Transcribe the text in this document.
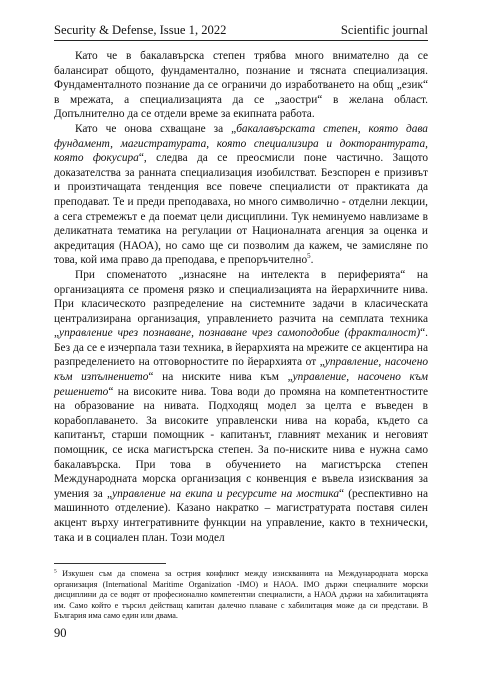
Security & Defense, Issue 1, 2022	Scientific journal

Като че в бакалавърска степен трябва много внимателно да се балансират общото, фундаментално, познание и тясната специализация. Фундаменталното познание да се ограничи до изработването на общ „език“ в мрежата, а специализацията да се „заостри“ в желана област. Допълнително да се отдели време за екипната работа.

Като че онова схващане за „бакалавърската степен, която дава фундамент, магистратурата, която специализира и докторантурата, която фокусира“, следва да се преосмисли поне частично. Защото доказателства за ранната специализация изобилстват. Безспорен е призивът и произтичащата тенденция все повече специалисти от практиката да преподават. Те и преди преподаваха, но много символично - отделни лекции, а сега стремежът е да поемат цели дисциплини. Тук неминуемо навлизаме в деликатната тематика на регулации от Националната агенция за оценка и акредитация (НАОА), но само ще си позволим да кажем, че замисляне по това, кой има право да преподава, е препоръчително$^5$.

При споменатото „изнасяне на интелекта в периферията“ на организацията се променя рязко и специализацията на йерархичните нива. При класическото разпределение на системните задачи в класическата централизирана организация, управлението разчита на семплата техника „управление чрез познаване, познаване чрез самоподобие (фракталност)“. Без да се е изчерпала тази техника, в йерархията на мрежите се акцентира на разпределението на отговорностите по йерархията от „управление, насочено към изпълнението“ на ниските нива към „управление, насочено към решението“ на високите нива. Това води до промяна на компетентностите на образование на нивата. Подходящ модел за целта е въведен в корабоплаването. За високите управленски нива на кораба, където са капитанът, старши помощник - капитанът, главният механик и неговият помощник, се иска магистърска степен. За по-ниските нива е нужна само бакалавърска. При това в обучението на магистърска степен Международната морска организация с конвенция е въвела изисквания за умения за „управление на екипа и ресурсите на мостика“ (респективно на машинното отделение). Казано накратко – магистратурата поставя силен акцент върху интегративните функции на управление, както в технически, така и в социален план. Този модел

$^5$ Изкушен съм да спомена за острия конфликт между изискванията на Международната морска организация (International Maritime Organization -IMO) и НАОА. IMO държи специалните морски дисциплини да се водят от професионално компетентни специалисти, а НАОА държи на хабилитацията им. Само който е търсил действащ капитан далечно плаване с хабилитация може да си представи. В България има само един или двама.
90
